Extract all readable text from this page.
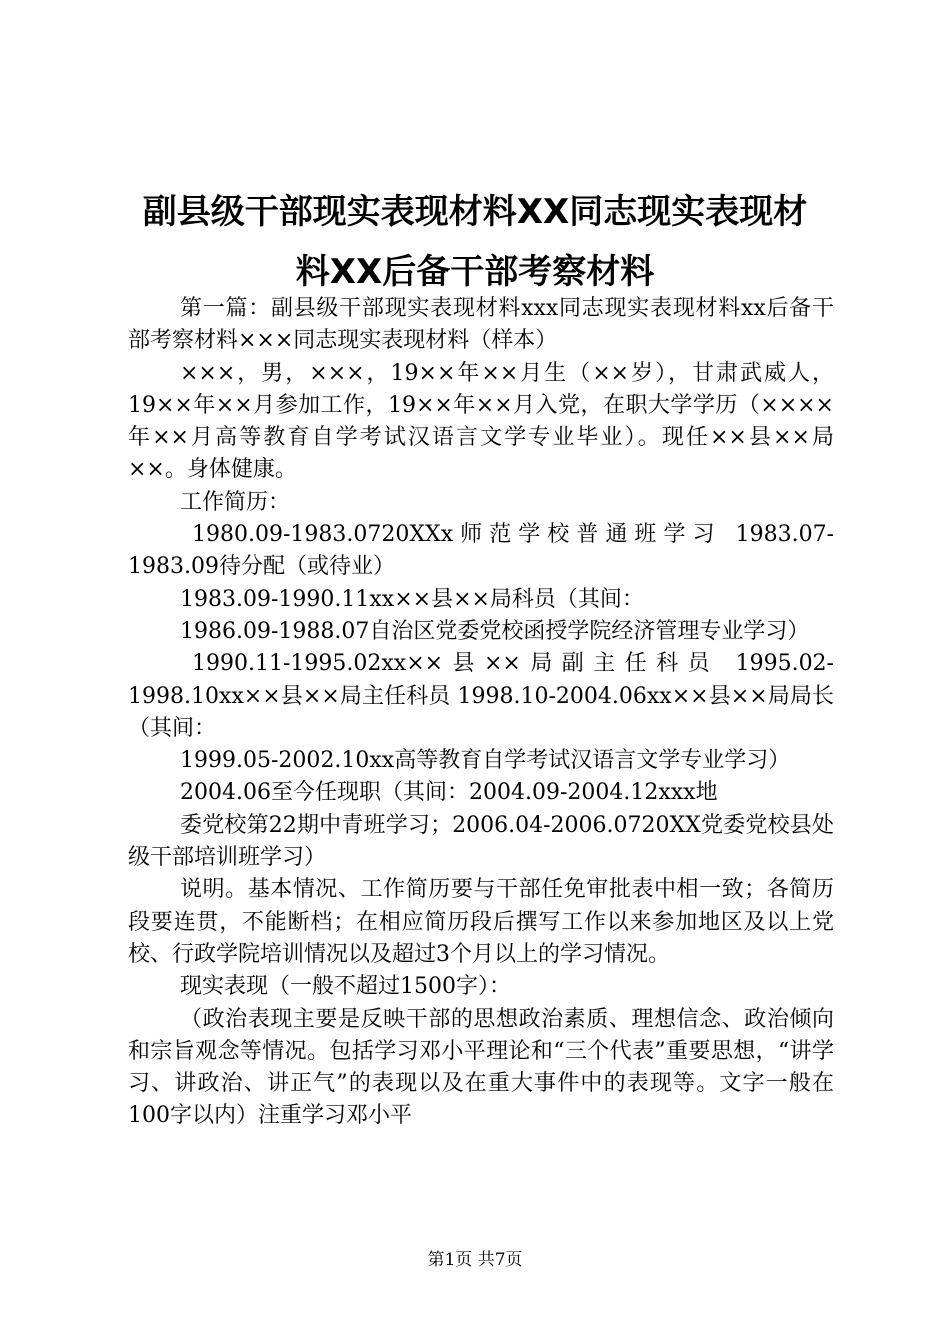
副县级干部现实表现材料XX同志现实表现材
料XX后备干部考察材料

第一篇：副县级干部现实表现材料xxx同志现实表现材料xx后备干部考察材料×××同志现实表现材料（样本）

×××，男，×××，19××年××月生（××岁），甘肃武威人，19××年××月参加工作，19××年××月入党，在职大学学历（××××年××月高等教育自学考试汉语言文学专业毕业）。现任××县××局××。身体健康。

工作简历：

1980.09-1983.0720XXx师范学校普通班学习 1983.07-1983.09待分配（或待业）

1983.09-1990.11xx××县××局科员（其间：

1986.09-1988.07自治区党委党校函授学院经济管理专业学习）

1990.11-1995.02xx××县××局副主任科员 1995.02-1998.10xx××县××局主任科员 1998.10-2004.06xx××县××局局长（其间：

1999.05-2002.10xx高等教育自学考试汉语言文学专业学习）

2004.06至今任现职（其间：2004.09-2004.12xxx地

委党校第22期中青班学习；2006.04-2006.0720XX党委党校县处级干部培训班学习）

说明。基本情况、工作简历要与干部任免审批表中相一致；各简历段要连贯，不能断档；在相应简历段后撰写工作以来参加地区及以上党校、行政学院培训情况以及超过3个月以上的学习情况。

现实表现（一般不超过1500字）：

（政治表现主要是反映干部的思想政治素质、理想信念、政治倾向和宗旨观念等情况。包括学习邓小平理论和“三个代表”重要思想，“讲学习、讲政治、讲正气”的表现以及在重大事件中的表现等。文字一般在100字以内）注重学习邓小平

第1页 共7页
